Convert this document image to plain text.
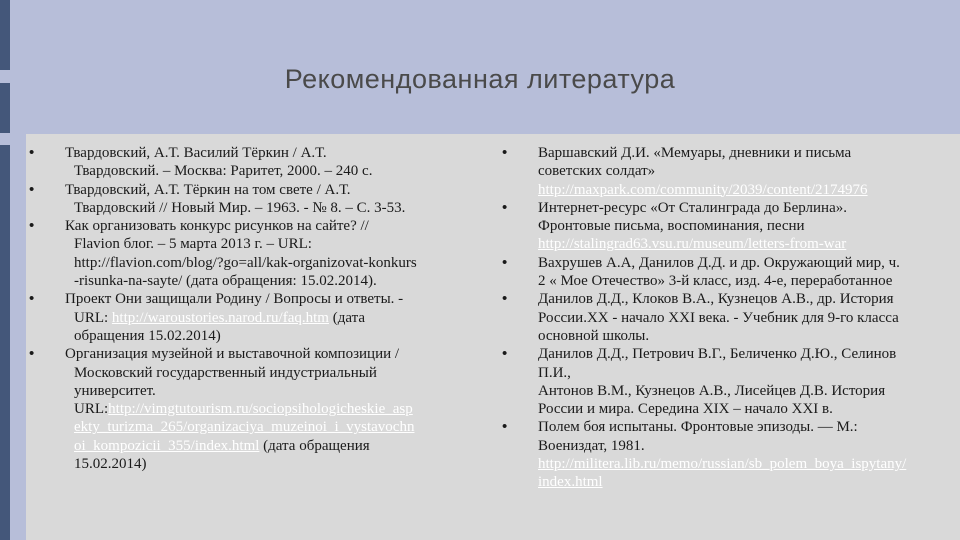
Рекомендованная литература
• Твардовский, А.Т. Василий Тёркин / А.Т.
Твардовский. – Москва: Раритет, 2000. – 240 с.
• Твардовский, А.Т. Тёркин на том свете / А.Т.
Твардовский // Новый Мир. – 1963. - № 8. – С. 3-53.
• Как организовать конкурс рисунков на сайте? //
Flavion блог. – 5 марта 2013 г. – URL:
http://flavion.com/blog/?go=all/kak-organizovat-konkurs
-risunka-na-sayte/ (дата обращения: 15.02.2014).
• Проект Они защищали Родину / Вопросы и ответы. -
URL: http://waroustories.narod.ru/faq.htm (дата
обращения 15.02.2014)
• Организация музейной и выставочной композиции /
Московский государственный индустриальный
университет.
URL:http://vimgtutourism.ru/sociopsihologicheskie_asp
ekty_turizma_265/organizaciya_muzeinoi_i_vystavochn
oi_kompozicii_355/index.html (дата обращения
15.02.2014)
• Варшавский Д.И. «Мемуары, дневники и письма
советских солдат»
http://maxpark.com/community/2039/content/2174976
• Интернет-ресурс «От Сталинграда до Берлина».
Фронтовые письма, воспоминания, песни
http://stalingrad63.vsu.ru/museum/letters-from-war
• Вахрушев А.А, Данилов Д.Д. и др. Окружающий мир, ч.
2 « Мое Отечество» 3-й класс, изд. 4-е, переработанное
• Данилов Д.Д., Клоков В.А., Кузнецов А.В., др. История
России.XX - начало XXI века. - Учебник для 9-го класса
основной школы.
• Данилов Д.Д., Петрович В.Г., Беличенко Д.Ю., Селинов
П.И.,
Антонов В.М., Кузнецов А.В., Лисейцев Д.В. История
России и мира. Середина XIX – начало XXI в.
• Полем боя испытаны. Фронтовые эпизоды. — М.:
Воениздат, 1981.
http://militera.lib.ru/memo/russian/sb_polem_boya_ispytany/
index.html
